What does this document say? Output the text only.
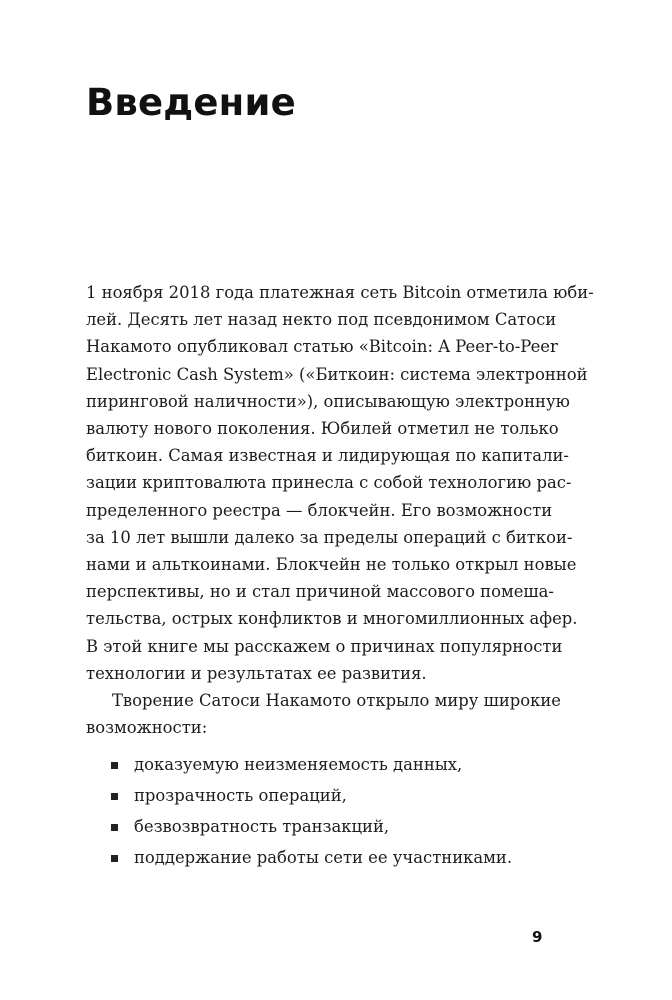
Введение

1 ноября 2018 года платежная сеть Bitcoin отметила юби-
лей. Десять лет назад некто под псевдонимом Сатоси
Накамото опубликовал статью «Bitcoin: A Peer-to-Peer
Electronic Cash System» («Биткоин: система электронной
пиринговой наличности»), описывающую электронную
валюту нового поколения. Юбилей отметил не только
биткоин. Самая известная и лидирующая по капитали-
зации криптовалюта принесла с собой технологию рас-
пределенного реестра — блокчейн. Его возможности
за 10 лет вышли далеко за пределы операций с биткои-
нами и альткоинами. Блокчейн не только открыл новые
перспективы, но и стал причиной массового помеша-
тельства, острых конфликтов и многомиллионных афер.
В этой книге мы расскажем о причинах популярности
технологии и результатах ее развития.

Творение Сатоси Накамото открыло миру широкие
возможности:

доказуемую неизменяемость данных,
прозрачность операций,
безвозвратность транзакций,
поддержание работы сети ее участниками.
9
